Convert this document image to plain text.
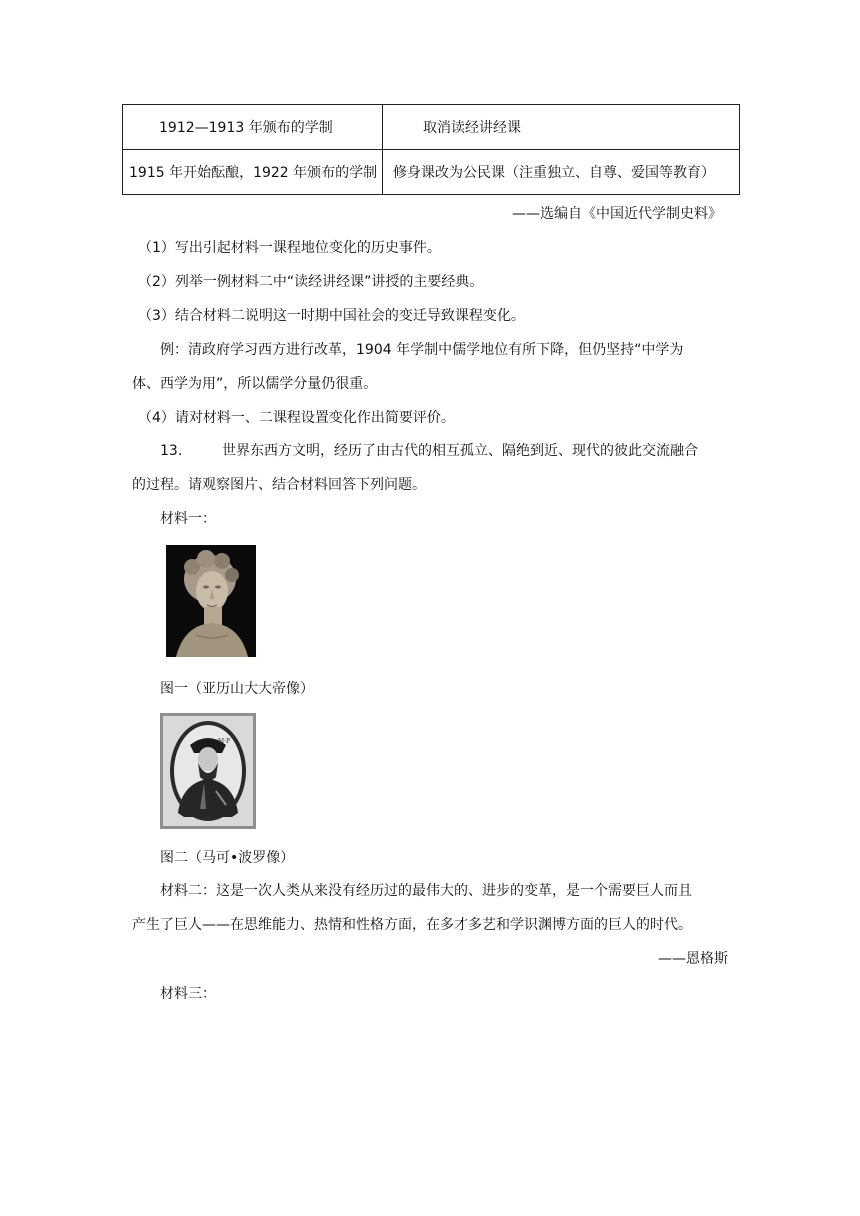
1912—1913 年颁布的学制	取消读经讲经课
1915 年开始酝酿，1922 年颁布的学制	修身课改为公民课（注重独立、自尊、爱国等教育）
——选编自《中国近代学制史料》
（1）写出引起材料一课程地位变化的历史事件。
（2）列举一例材料二中“读经讲经课”讲授的主要经典。
（3）结合材料二说明这一时期中国社会的变迁导致课程变化。
例：清政府学习西方进行改革，1904 年学制中儒学地位有所下降，但仍坚持“中学为
体、西学为用”，所以儒学分量仍很重。
（4）请对材料一、二课程设置变化作出简要评价。
13.	世界东西方文明，经历了由古代的相互孤立、隔绝到近、现代的彼此交流融合
的过程。请观察图片、结合材料回答下列问题。
材料一：
图一（亚历山大大帝像）
M·P
图二（马可•波罗像）
材料二：这是一次人类从来没有经历过的最伟大的、进步的变革，是一个需要巨人而且
产生了巨人——在思维能力、热情和性格方面，在多才多艺和学识渊博方面的巨人的时代。
——恩格斯
材料三：
